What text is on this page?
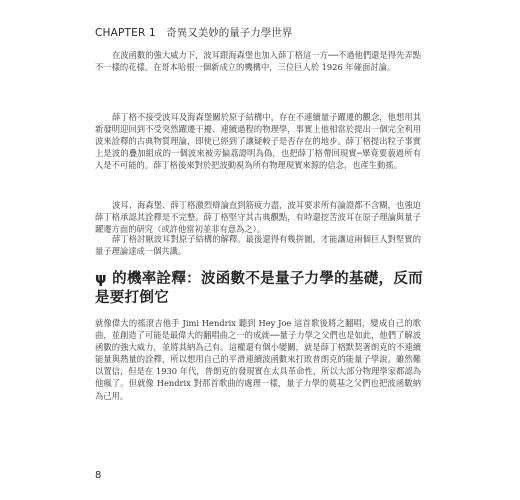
CHAPTER 1 奇異又美妙的量子力學世界

在波函數的強大威力下，波耳跟海森堡也加入薛丁格這一方──不過他們還是得先弄點不一樣的花樣。在哥本哈根一個新成立的機構中，三位巨人於 1926 年碰面討論。

薛丁格不接受波耳及海森堡關於原子結構中，存在不連續量子躍遷的觀念，他想用其新發明迎回到不受突然躍遷干擾、連續過程的物理學，事實上他相當於提出一個完全利用波來詮釋的古典物質理論，即使已經到了讓疑較子是否存在的地步。薛丁格提出粒子事實上是波的疊加組成的一個波來被旁偏荔證明為偽，也把薛丁格帶回現實─畢竟要藐過所有人是不可能的。薛丁格後來對於把波動視為所有物理現實來源的信念，也產生動搖。

波耳、海森堡、薛丁格激烈辯論直到筋疲力盡，波耳要求所有論證都不含糊，也強迫薛丁格承認其詮釋是不完整。薛丁格堅守其古典觀點，有時還挖苦波耳在原子理論與量子躍遷方面的研究（或許他當初並非有意為之）。

薛丁格討厭波耳對原子結構的解釋。最後還得有幾拼圖，才能讓這兩個巨人對堅實的量子理論達成一個共識。

ψ 的機率詮釋：波函數不是量子力學的基礎，反而是要打倒它

就像偉大的搖滾吉他手 Jimi Hendrix 聽到 Hey Joe 這首歌後將之翻唱，變成自己的歌曲，並創造了可能是最偉大的翻唱曲之一的成就──量子力學之父們也是如此，他們了解波函數的強大威力，並將其納為己有。這權還有個小變關，就是薛丁格默契著朗克的不連續能量與熱量的詮釋，所以想用自己的平滑連續波函數來打敗普朗克的能量子學說。雖然難以置信，但是在 1930 年代，普朗克的發現實在太具革命性，所以大部分物理學家都認為他瘋了。但就像 Hendrix 對那首歌曲的處理一樣，量子力學的奠基之父們也把波函數納為己用。

8
